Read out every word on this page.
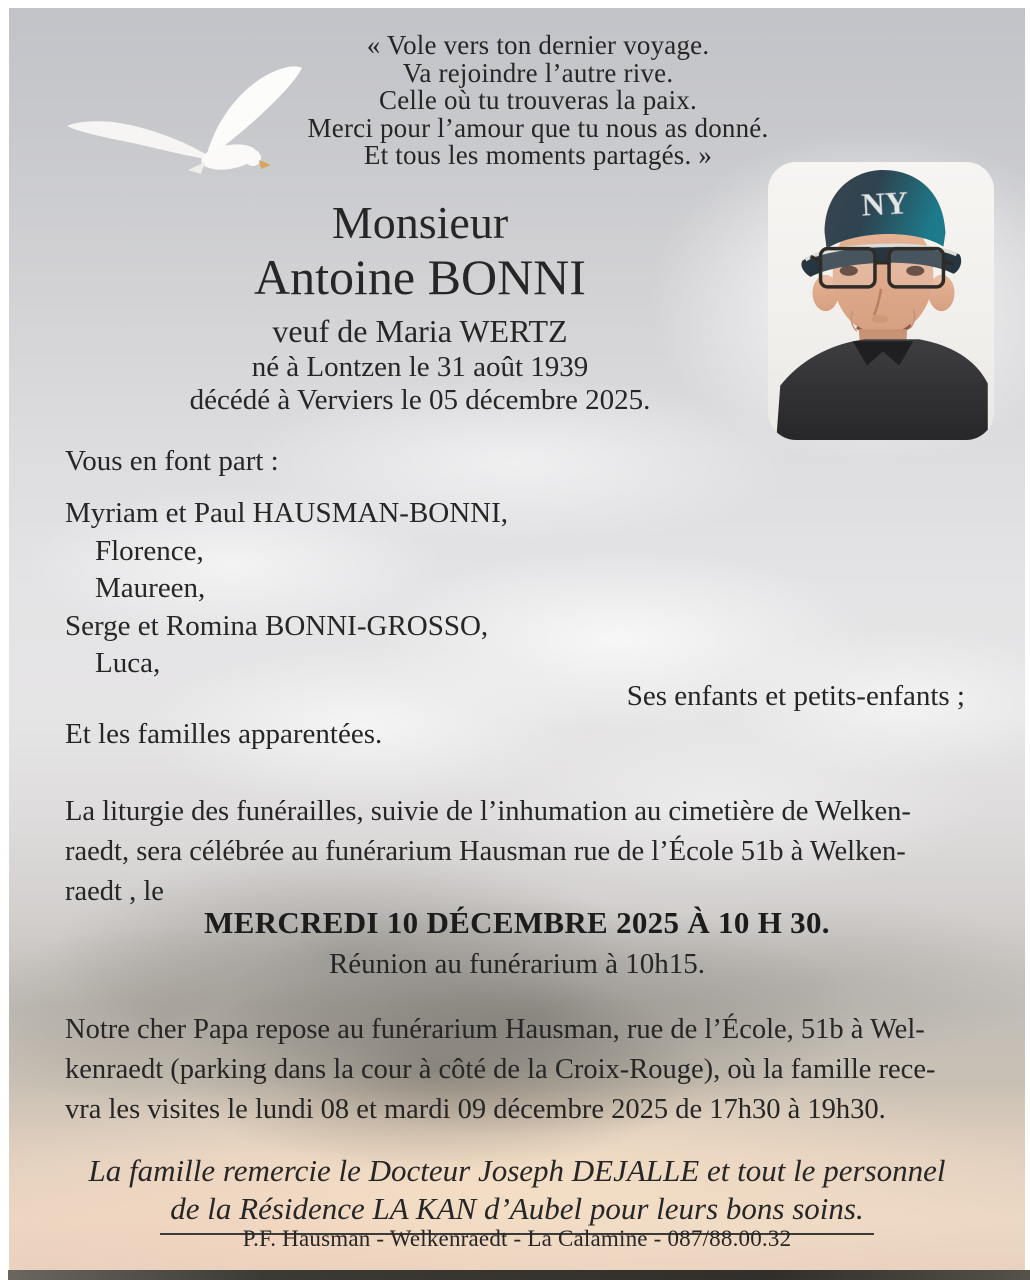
« Vole vers ton dernier voyage.
Va rejoindre l’autre rive.
Celle où tu trouveras la paix.
Merci pour l’amour que tu nous as donné.
Et tous les moments partagés. »
NY
Monsieur
Antoine BONNI
veuf de Maria WERTZ
né à Lontzen le 31 août 1939
décédé à Verviers le 05 décembre 2025.
Vous en font part :
Myriam et Paul HAUSMAN-BONNI,
Florence,
Maureen,
Serge et Romina BONNI-GROSSO,
Luca,
Ses enfants et petits-enfants ;
Et les familles apparentées.
La liturgie des funérailles, suivie de l’inhumation au cimetière de Welken-
raedt, sera célébrée au funérarium Hausman rue de l’École 51b à Welken-
raedt , le
MERCREDI 10 DÉCEMBRE 2025 À 10 H 30.
Réunion au funérarium à 10h15.
Notre cher Papa repose au funérarium Hausman, rue de l’École, 51b à Wel-
kenraedt (parking dans la cour à côté de la Croix-Rouge), où la famille rece-
vra les visites le lundi 08 et mardi 09 décembre 2025 de 17h30 à 19h30.
La famille remercie le Docteur Joseph DEJALLE et tout le personnel
de la Résidence LA KAN d’Aubel pour leurs bons soins.
P.F. Hausman - Welkenraedt - La Calamine - 087/88.00.32
